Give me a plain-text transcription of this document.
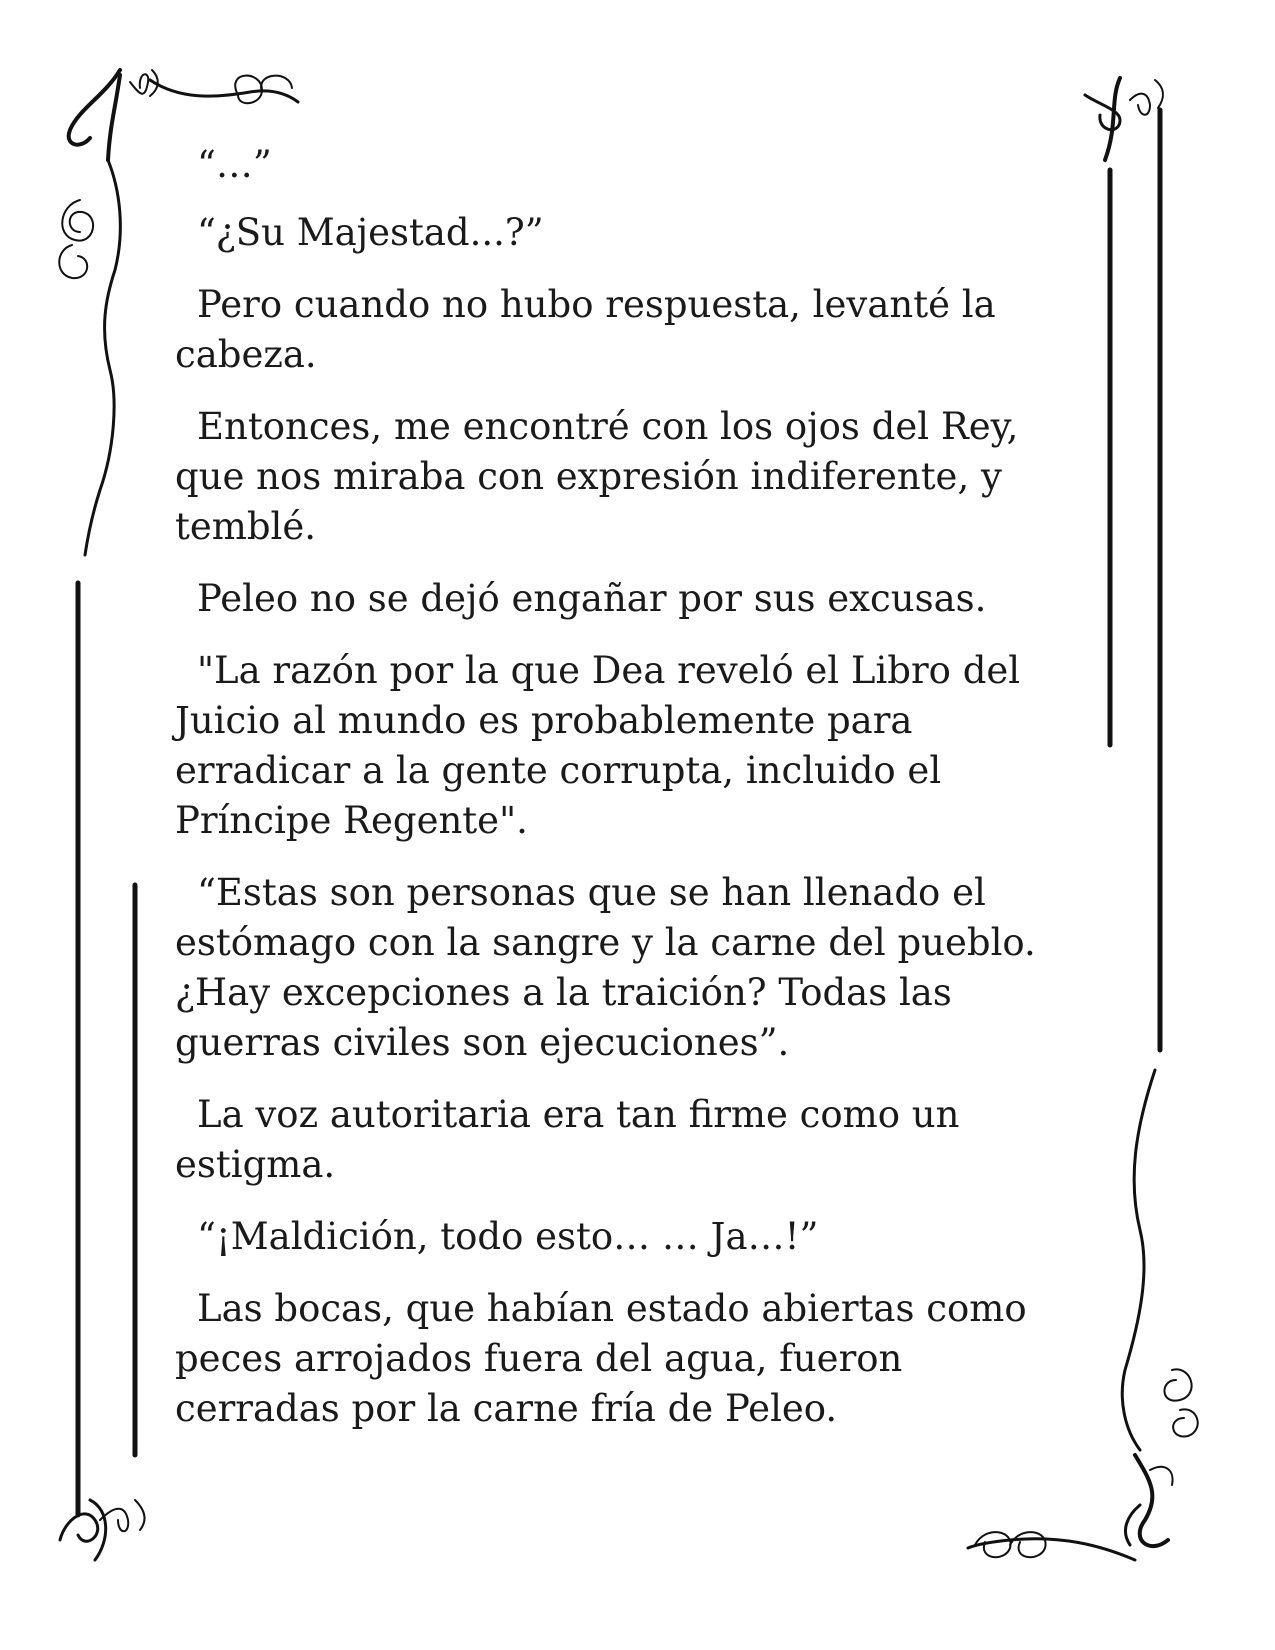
“…”

“¿Su Majestad...?”

Pero cuando no hubo respuesta, levanté la cabeza.

Entonces, me encontré con los ojos del Rey, que nos miraba con expresión indiferente, y temblé.

Peleo no se dejó engañar por sus excusas.

"La razón por la que Dea reveló el Libro del Juicio al mundo es probablemente para erradicar a la gente corrupta, incluido el Príncipe Regente".

“Estas son personas que se han llenado el estómago con la sangre y la carne del pueblo. ¿Hay excepciones a la traición? Todas las guerras civiles son ejecuciones”.

La voz autoritaria era tan firme como un estigma.

“¡Maldición, todo esto… … Ja…!”

Las bocas, que habían estado abiertas como peces arrojados fuera del agua, fueron cerradas por la carne fría de Peleo.
